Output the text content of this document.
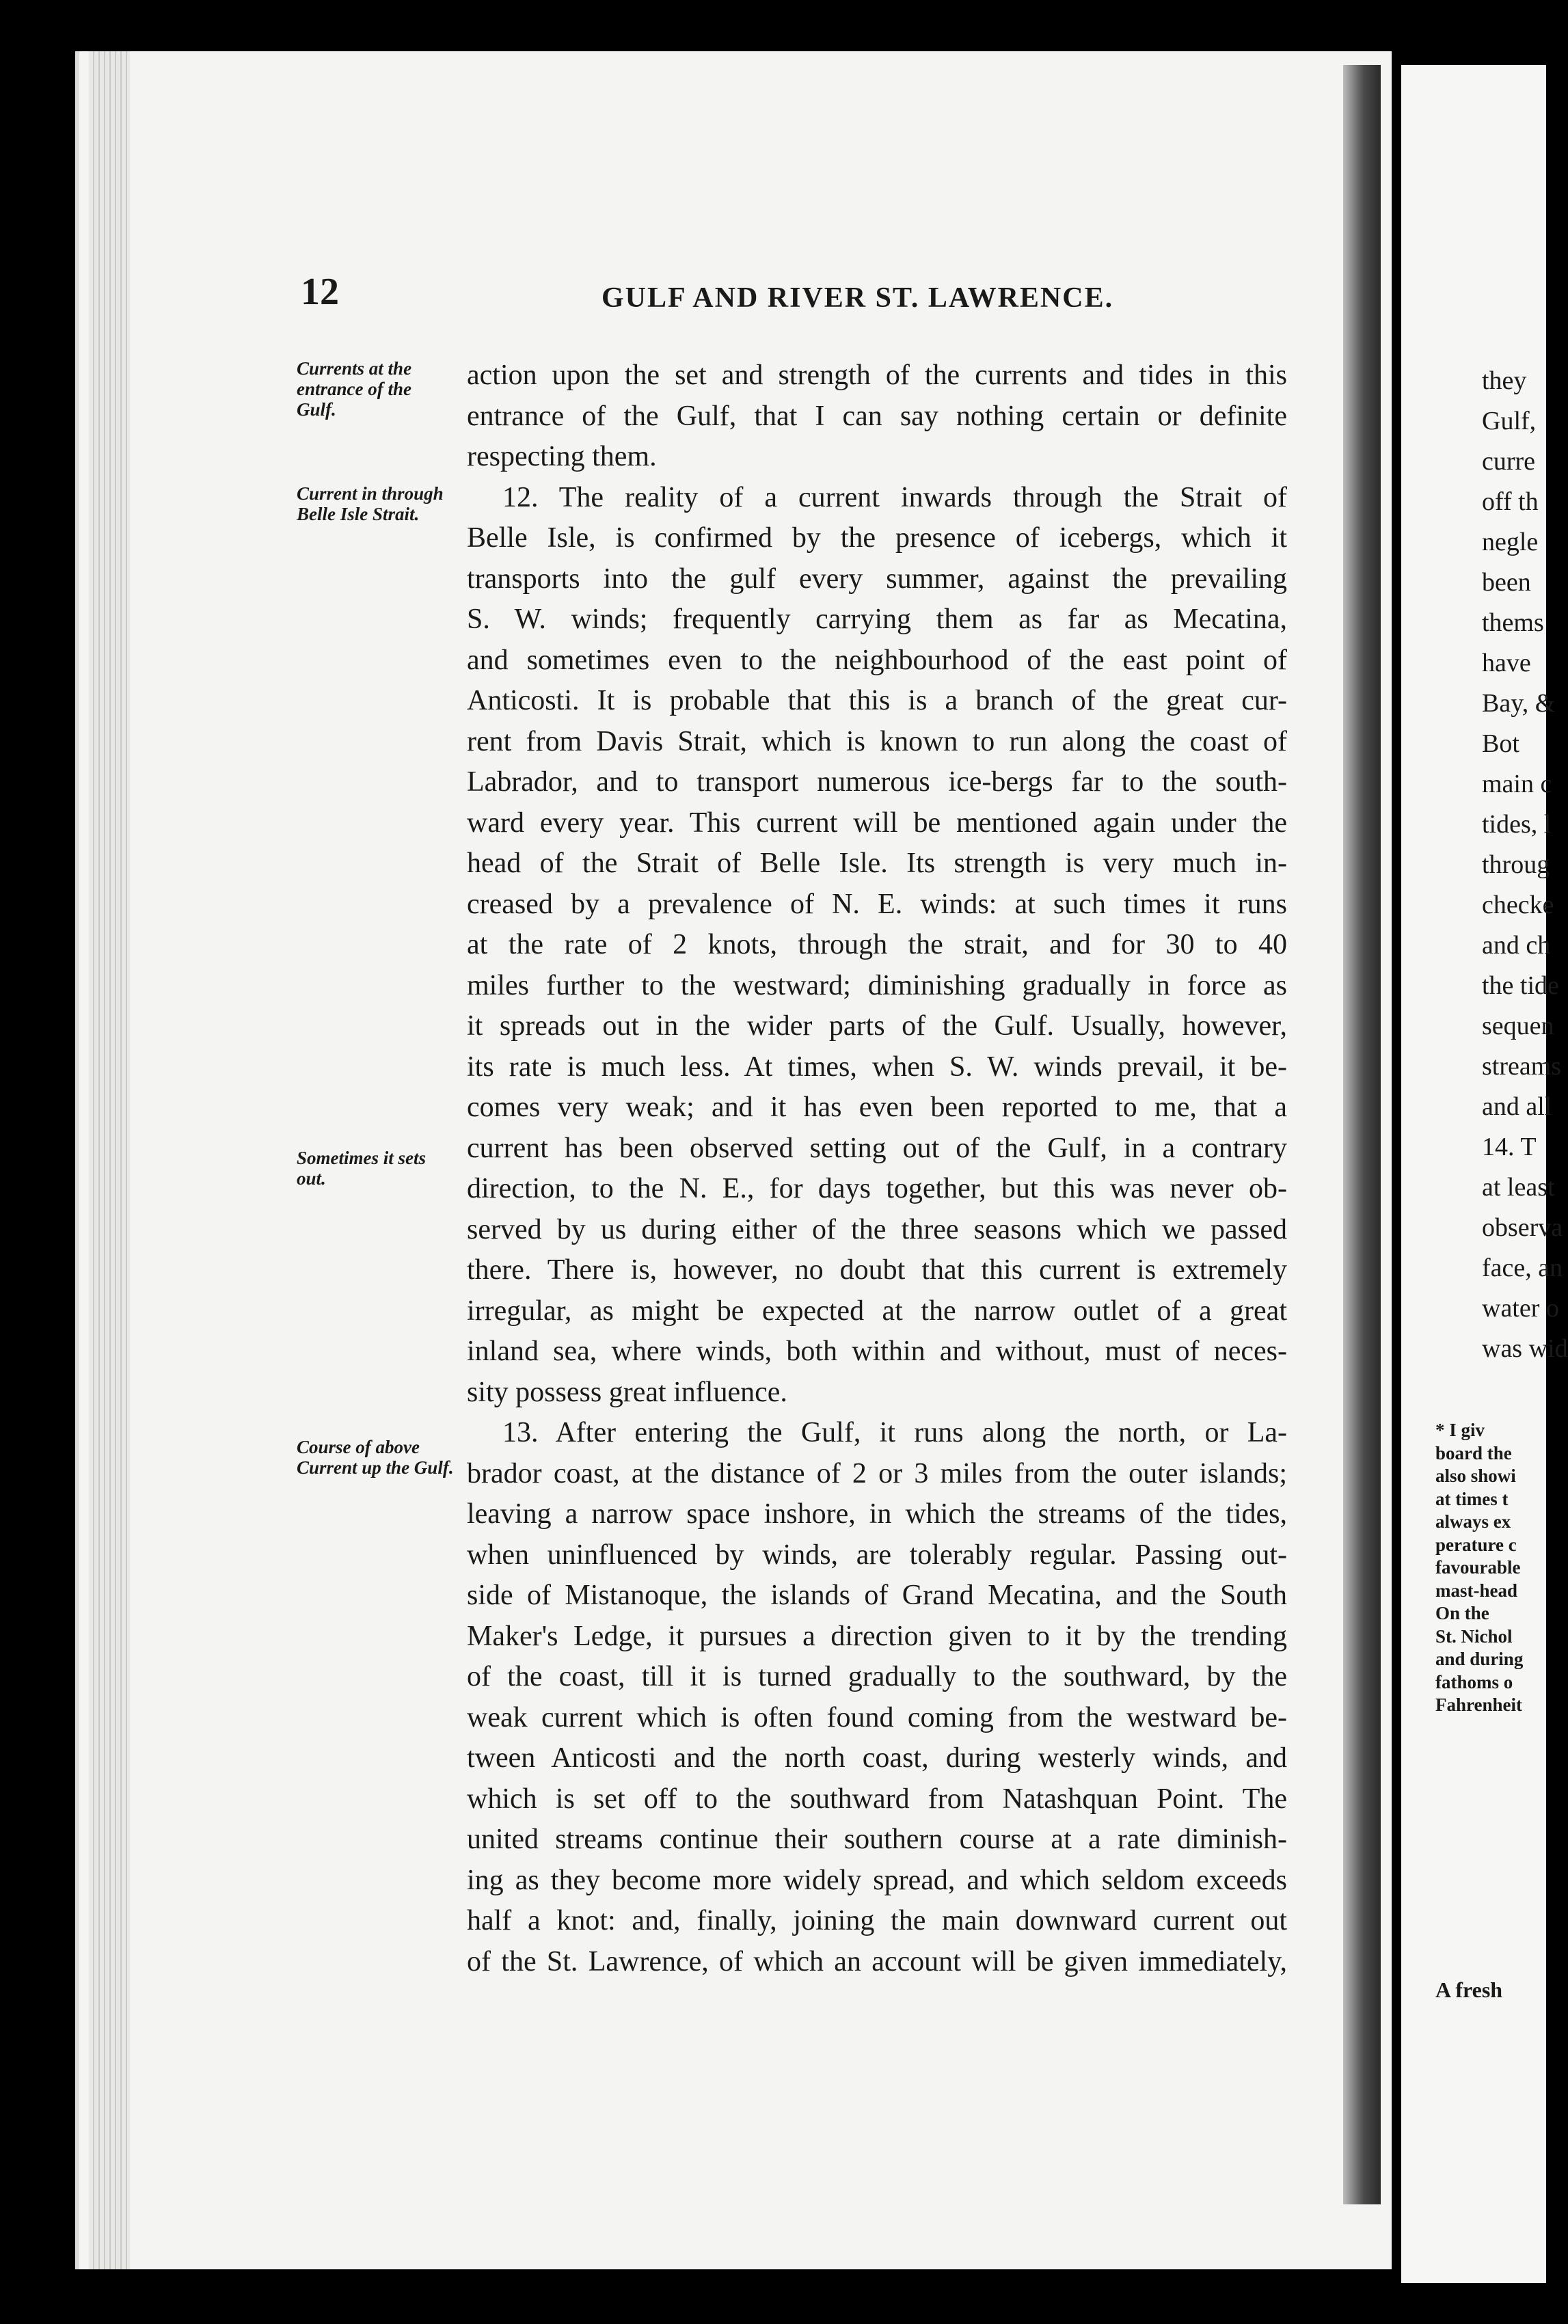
12	GULF AND RIVER ST. LAWRENCE.
Currents at the entrance of the Gulf.
Current in through Belle Isle Strait.
Sometimes it sets out.
Course of above Current up the Gulf.
action upon the set and strength of the currents and tides in this
entrance of the Gulf, that I can say nothing certain or definite
respecting them.
12. The reality of a current inwards through the Strait of
Belle Isle, is confirmed by the presence of icebergs, which it
transports into the gulf every summer, against the prevailing
S. W. winds; frequently carrying them as far as Mecatina,
and sometimes even to the neighbourhood of the east point of
Anticosti. It is probable that this is a branch of the great cur-
rent from Davis Strait, which is known to run along the coast of
Labrador, and to transport numerous ice-bergs far to the south-
ward every year. This current will be mentioned again under the
head of the Strait of Belle Isle. Its strength is very much in-
creased by a prevalence of N. E. winds: at such times it runs
at the rate of 2 knots, through the strait, and for 30 to 40
miles further to the westward; diminishing gradually in force as
it spreads out in the wider parts of the Gulf. Usually, however,
its rate is much less. At times, when S. W. winds prevail, it be-
comes very weak; and it has even been reported to me, that a
current has been observed setting out of the Gulf, in a contrary
direction, to the N. E., for days together, but this was never ob-
served by us during either of the three seasons which we passed
there. There is, however, no doubt that this current is extremely
irregular, as might be expected at the narrow outlet of a great
inland sea, where winds, both within and without, must of neces-
sity possess great influence.
13. After entering the Gulf, it runs along the north, or La-
brador coast, at the distance of 2 or 3 miles from the outer islands;
leaving a narrow space inshore, in which the streams of the tides,
when uninfluenced by winds, are tolerably regular. Passing out-
side of Mistanoque, the islands of Grand Mecatina, and the South
Maker's Ledge, it pursues a direction given to it by the trending
of the coast, till it is turned gradually to the southward, by the
weak current which is often found coming from the westward be-
tween Anticosti and the north coast, during westerly winds, and
which is set off to the southward from Natashquan Point. The
united streams continue their southern course at a rate diminish-
ing as they become more widely spread, and which seldom exceeds
half a knot: and, finally, joining the main downward current out
of the St. Lawrence, of which an account will be given immediately,
they
Gulf,
curre
off th
negle
been
thems
have
Bay, &
Bot
main c
tides, l
throug
checke
and ch
the tide
sequen
streams
and all
14. T
at least
observa
face, an
water o
was wid
* I giv
board the
also showi
at times t
always ex
perature c
favourable
mast-head
On the
St. Nichol
and during
fathoms o
Fahrenheit
A fresh
